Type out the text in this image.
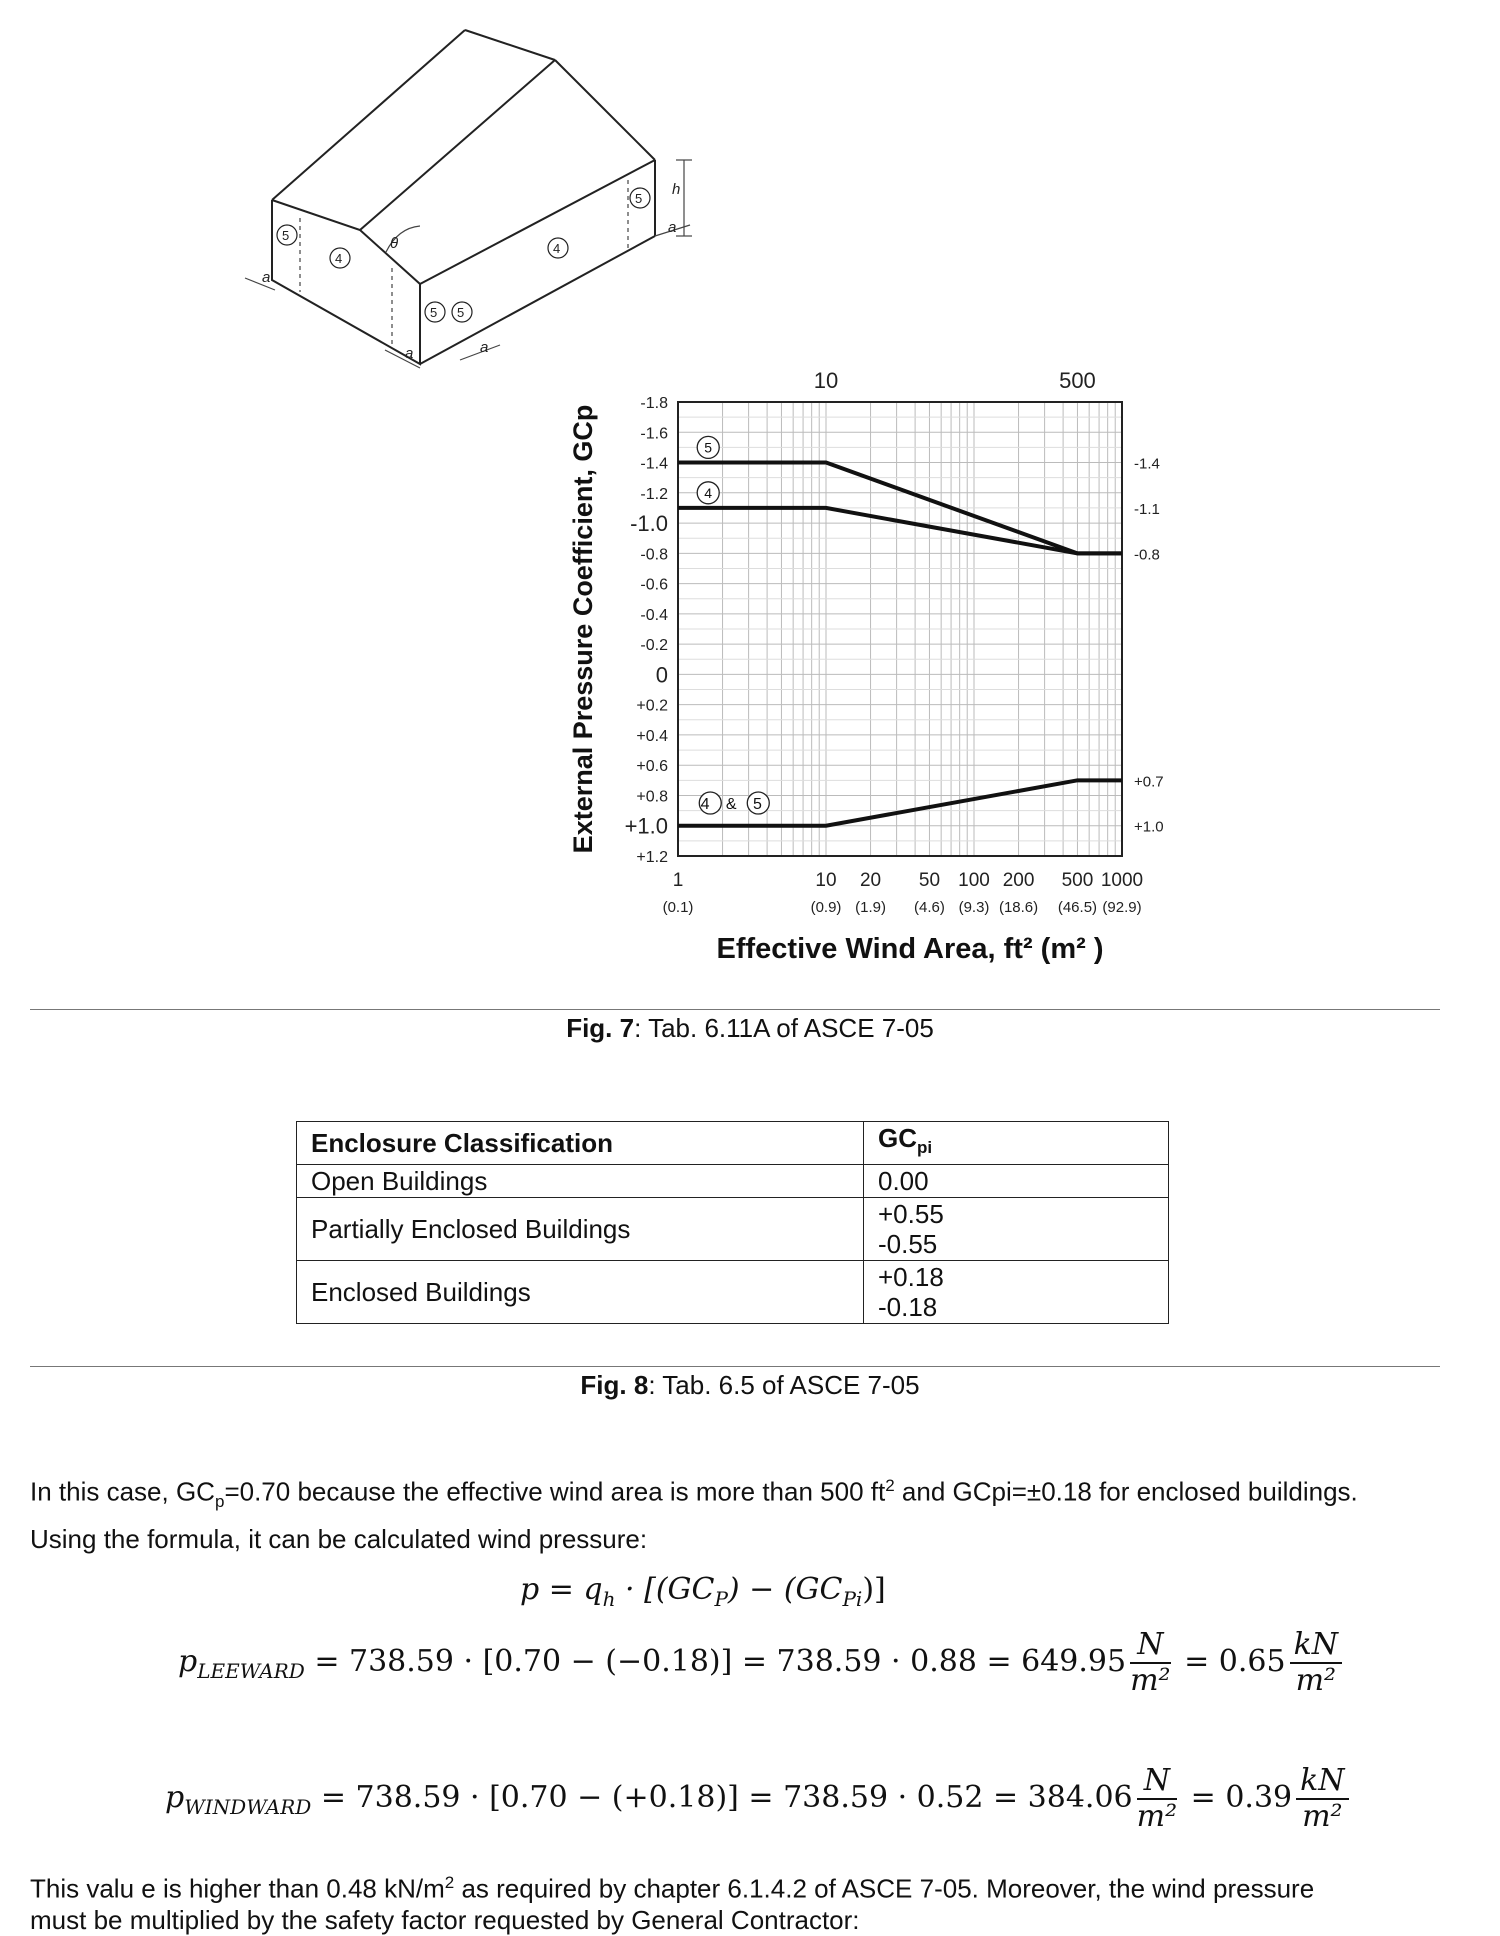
5
4
5 5
4
5
θ
h
a
a	a
a
-1.8
-1.6
-1.4
-1.2
-1.0
-0.8
-0.6
-0.4
-0.2
0
+0.2
+0.4
+0.6
+0.8
+1.0
+1.2
1
(0.1)
10
(0.9)
20
(1.9)
50
(4.6)
100
(9.3)
200
(18.6)
500
(46.5)
1000
(92.9)
10	500
-1.4
-1.1
-0.8
+0.7
+1.0
5
4
4 & 5
External Pressure Coefficient, GCp
Effective Wind Area, ft² (m² )
Fig. 7: Tab. 6.11A of ASCE 7-05
Enclosure Classification	$GC_{pi}$
Open Buildings	0.00
Partially Enclosed Buildings	+0.55
-0.55
Enclosed Buildings	+0.18
-0.18
Fig. 8: Tab. 6.5 of ASCE 7-05
In this case, $GC_p=0.70$ because the effective wind area is more than 500 $ft^2$ and GCpi=±0.18 for enclosed buildings.
Using the formula, it can be calculated wind pressure:
$p = q_h \cdot [(GC_P) - (GC_{Pi})]$
$p_{LEEWARD} = 738.59 \cdot [0.70 - (-0.18)] = 738.59 \cdot 0.88 = 649.95 \frac{N}{\text{m²}} = 0.65 \frac{kN}{\text{m²}}$
$p_{WINDWARD} = 738.59 \cdot [0.70 - (+0.18)] = 738.59 \cdot 0.52 = 384.06 \frac{N}{\text{m²}} = 0.39 \frac{kN}{\text{m²}}$
This valu e is higher than 0.48 $kN/m^2$ as required by chapter 6.1.4.2 of ASCE 7-05. Moreover, the wind pressure
must be multiplied by the safety factor requested by General Contractor:
